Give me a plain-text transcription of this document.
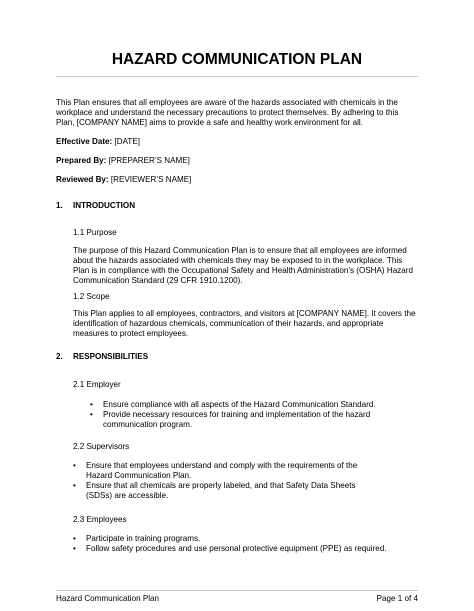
HAZARD COMMUNICATION PLAN

This Plan ensures that all employees are aware of the hazards associated with chemicals in the workplace and understand the necessary precautions to protect themselves. By adhering to this Plan, [COMPANY NAME] aims to provide a safe and healthy work environment for all.

Effective Date: [DATE]

Prepared By: [PREPARER’S NAME]

Reviewed By: [REVIEWER’S NAME]

1. INTRODUCTION

1.1 Purpose

The purpose of this Hazard Communication Plan is to ensure that all employees are informed about the hazards associated with chemicals they may be exposed to in the workplace. This Plan is in compliance with the Occupational Safety and Health Administration’s (OSHA) Hazard Communication Standard (29 CFR 1910.1200).

1.2 Scope

This Plan applies to all employees, contractors, and visitors at [COMPANY NAME]. It covers the identification of hazardous chemicals, communication of their hazards, and appropriate measures to protect employees.

2. RESPONSIBILITIES

2.1 Employer

• Ensure compliance with all aspects of the Hazard Communication Standard.
• Provide necessary resources for training and implementation of the hazard communication program.

2.2 Supervisors

• Ensure that employees understand and comply with the requirements of the Hazard Communication Plan.
• Ensure that all chemicals are properly labeled, and that Safety Data Sheets (SDSs) are accessible.

2.3 Employees

• Participate in training programs.
• Follow safety procedures and use personal protective equipment (PPE) as required.

Hazard Communication Plan	Page 1 of 4
